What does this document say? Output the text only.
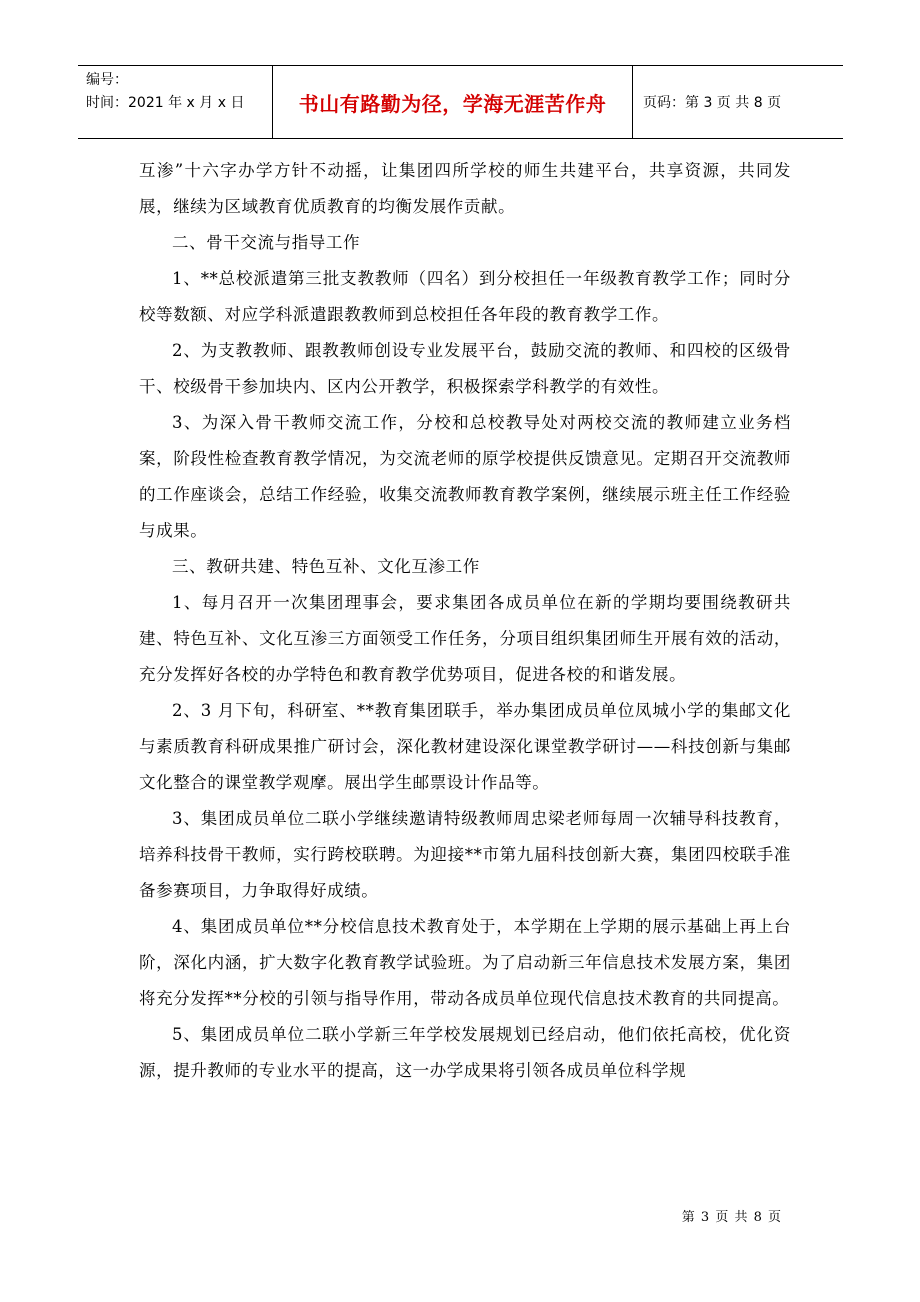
编号：
时间：2021 年 x 月 x 日	书山有路勤为径，学海无涯苦作舟	页码：第 3 页 共 8 页

互渗”十六字办学方针不动摇，让集团四所学校的师生共建平台，共享资源，共同发展，继续为区域教育优质教育的均衡发展作贡献。

二、骨干交流与指导工作

1、**总校派遣第三批支教教师（四名）到分校担任一年级教育教学工作；同时分校等数额、对应学科派遣跟教教师到总校担任各年段的教育教学工作。

2、为支教教师、跟教教师创设专业发展平台，鼓励交流的教师、和四校的区级骨干、校级骨干参加块内、区内公开教学，积极探索学科教学的有效性。

3、为深入骨干教师交流工作，分校和总校教导处对两校交流的教师建立业务档案，阶段性检查教育教学情况，为交流老师的原学校提供反馈意见。定期召开交流教师的工作座谈会，总结工作经验，收集交流教师教育教学案例，继续展示班主任工作经验与成果。

三、教研共建、特色互补、文化互渗工作

1、每月召开一次集团理事会，要求集团各成员单位在新的学期均要围绕教研共建、特色互补、文化互渗三方面领受工作任务，分项目组织集团师生开展有效的活动，充分发挥好各校的办学特色和教育教学优势项目，促进各校的和谐发展。

2、3 月下旬，科研室、**教育集团联手，举办集团成员单位凤城小学的集邮文化与素质教育科研成果推广研讨会，深化教材建设深化课堂教学研讨——科技创新与集邮文化整合的课堂教学观摩。展出学生邮票设计作品等。

3、集团成员单位二联小学继续邀请特级教师周忠梁老师每周一次辅导科技教育，培养科技骨干教师，实行跨校联聘。为迎接**市第九届科技创新大赛，集团四校联手准备参赛项目，力争取得好成绩。

4、集团成员单位**分校信息技术教育处于，本学期在上学期的展示基础上再上台阶，深化内涵，扩大数字化教育教学试验班。为了启动新三年信息技术发展方案，集团将充分发挥**分校的引领与指导作用，带动各成员单位现代信息技术教育的共同提高。

5、集团成员单位二联小学新三年学校发展规划已经启动，他们依托高校，优化资源，提升教师的专业水平的提高，这一办学成果将引领各成员单位科学规

第 3 页 共 8 页
